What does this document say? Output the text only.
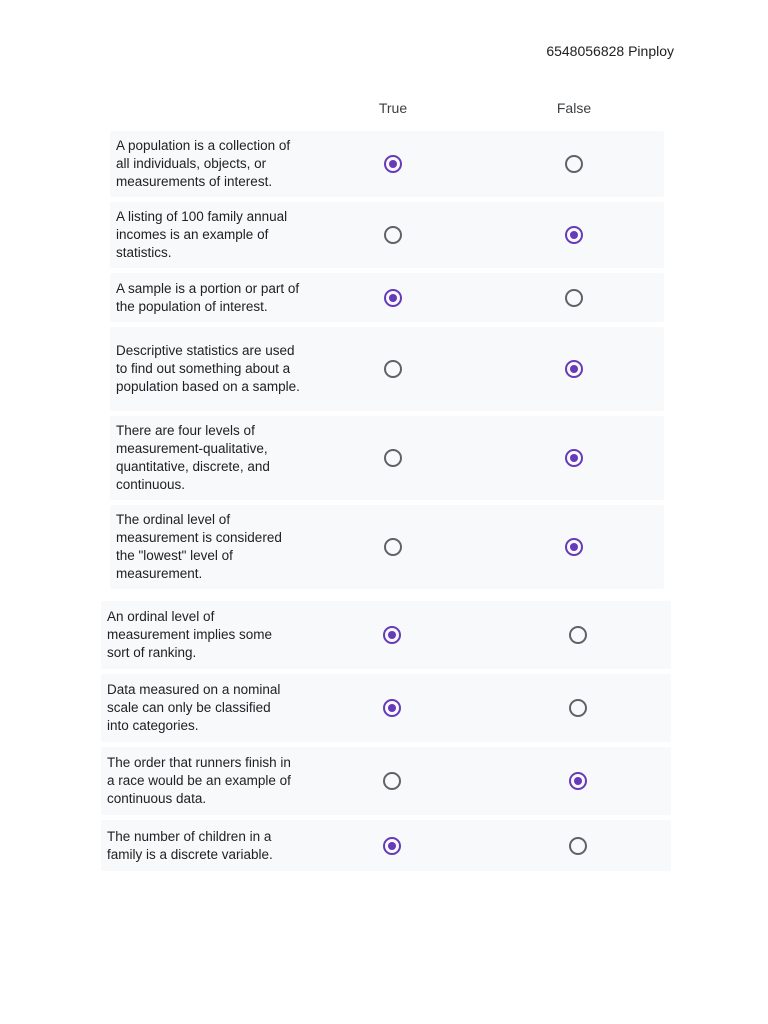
6548056828 Pinploy
True	False
A population is a collection of all individuals, objects, or measurements of interest.
A listing of 100 family annual incomes is an example of statistics.
A sample is a portion or part of the population of interest.
Descriptive statistics are used to find out something about a population based on a sample.
There are four levels of measurement-qualitative, quantitative, discrete, and continuous.
The ordinal level of measurement is considered the "lowest" level of measurement.
An ordinal level of measurement implies some sort of ranking.
Data measured on a nominal scale can only be classified into categories.
The order that runners finish in a race would be an example of continuous data.
The number of children in a family is a discrete variable.
